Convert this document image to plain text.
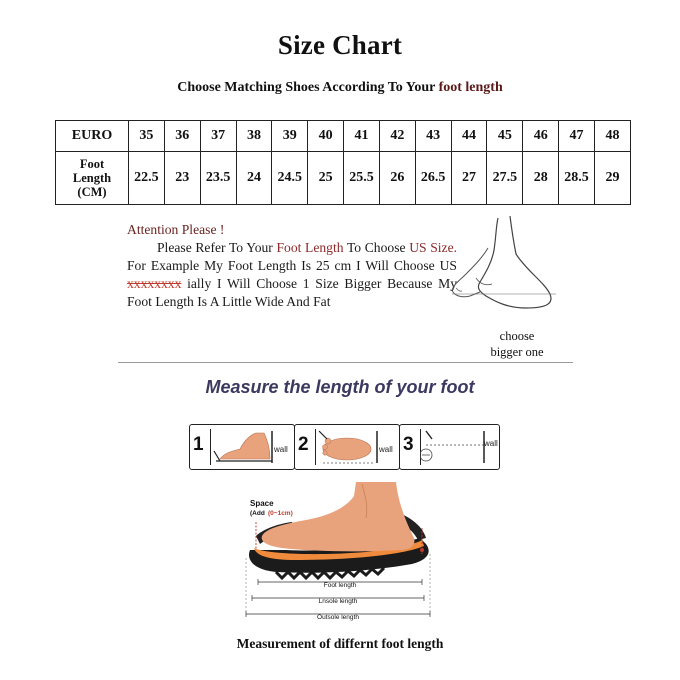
Size Chart
Choose Matching Shoes According To Your foot length
EURO	35	36	37	38	39	40	41	42	43	44	45	46	47	48
Foot
Length
(CM)	22.5	23	23.5	24	24.5	25	25.5	26	26.5	27	27.5	28	28.5	29
Attention Please !
Please Refer To Your Foot Length To Choose US Size. For Example My Foot Length Is 25 cm I Will Choose US xxxxxxxx ially I Will Choose 1 Size Bigger Because My Foot Length Is A Little Wide And Fat
choose
bigger one
Measure the length of your foot
1	wall 2	wall 3	wall
Foot length
Lnsole length
Outsole length
Space
(Add (0~1cm)
Measurement of differnt foot length
